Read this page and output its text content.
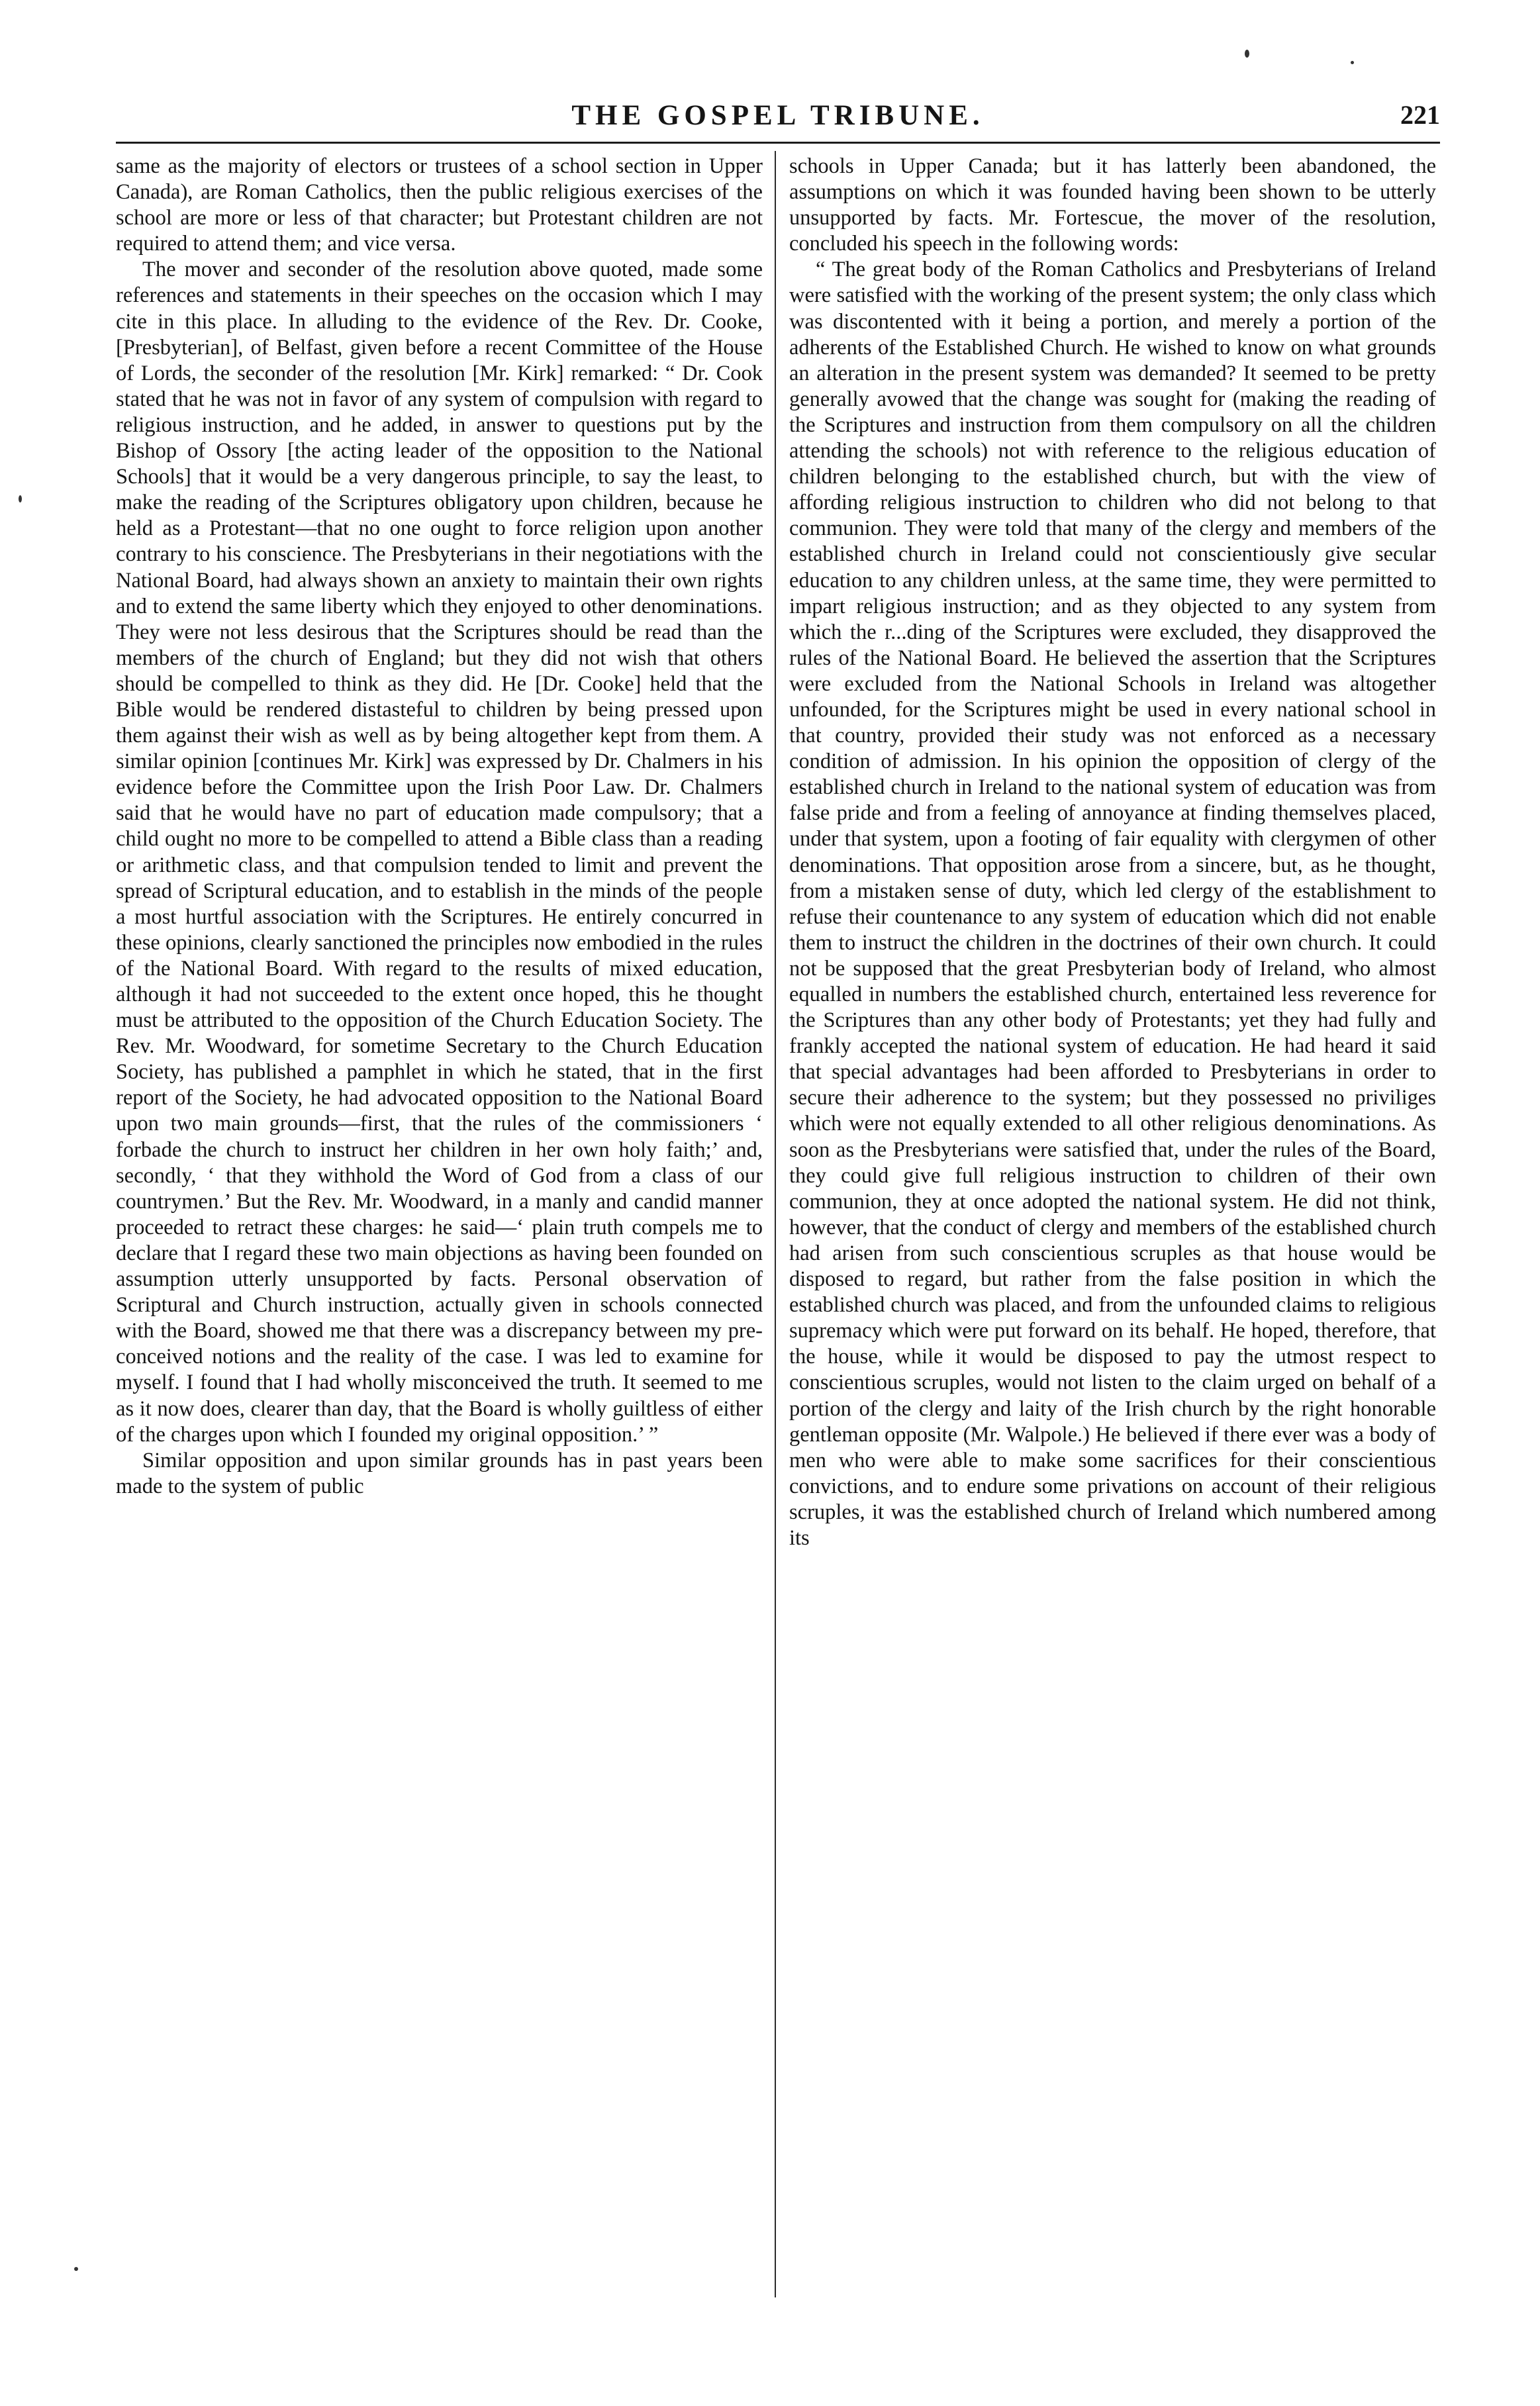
THE GOSPEL TRIBUNE.	221

same as the majority of electors or trustees of a school section in Upper Canada), are Roman Catholics, then the public religious exercises of the school are more or less of that character; but Protestant children are not required to attend them; and vice versa.

The mover and seconder of the resolution above quoted, made some references and statements in their speeches on the occasion which I may cite in this place. In alluding to the evidence of the Rev. Dr. Cooke, [Presbyterian], of Belfast, given before a recent Committee of the House of Lords, the seconder of the resolution [Mr. Kirk] remarked: “ Dr. Cook stated that he was not in favor of any system of compulsion with regard to religious instruction, and he added, in answer to questions put by the Bishop of Ossory [the acting leader of the opposition to the National Schools] that it would be a very dangerous principle, to say the least, to make the reading of the Scriptures obligatory upon children, because he held as a Protestant—that no one ought to force religion upon another contrary to his conscience. The Presbyterians in their negotiations with the National Board, had always shown an anxiety to maintain their own rights and to extend the same liberty which they enjoyed to other denominations. They were not less desirous that the Scriptures should be read than the members of the church of England; but they did not wish that others should be compelled to think as they did. He [Dr. Cooke] held that the Bible would be rendered distasteful to children by being pressed upon them against their wish as well as by being altogether kept from them. A similar opinion [continues Mr. Kirk] was expressed by Dr. Chalmers in his evidence before the Committee upon the Irish Poor Law. Dr. Chalmers said that he would have no part of education made compulsory; that a child ought no more to be compelled to attend a Bible class than a reading or arithmetic class, and that compulsion tended to limit and prevent the spread of Scriptural education, and to establish in the minds of the people a most hurtful association with the Scriptures. He entirely concurred in these opinions, clearly sanctioned the principles now embodied in the rules of the National Board. With regard to the results of mixed education, although it had not succeeded to the extent once hoped, this he thought must be attributed to the opposition of the Church Education Society. The Rev. Mr. Woodward, for sometime Secretary to the Church Education Society, has published a pamphlet in which he stated, that in the first report of the Society, he had advocated opposition to the National Board upon two main grounds—first, that the rules of the commissioners ‘ forbade the church to instruct her children in her own holy faith;’ and, secondly, ‘ that they withhold the Word of God from a class of our countrymen.’ But the Rev. Mr. Woodward, in a manly and candid manner proceeded to retract these charges: he said—‘ plain truth compels me to declare that I regard these two main objections as having been founded on assumption utterly unsupported by facts. Personal observation of Scriptural and Church instruction, actually given in schools connected with the Board, showed me that there was a discrepancy between my pre-conceived notions and the reality of the case. I was led to examine for myself. I found that I had wholly misconceived the truth. It seemed to me as it now does, clearer than day, that the Board is wholly guiltless of either of the charges upon which I founded my original opposition.’ ”

Similar opposition and upon similar grounds has in past years been made to the system of public

schools in Upper Canada; but it has latterly been abandoned, the assumptions on which it was founded having been shown to be utterly unsupported by facts. Mr. Fortescue, the mover of the resolution, concluded his speech in the following words:

“ The great body of the Roman Catholics and Presbyterians of Ireland were satisfied with the working of the present system; the only class which was discontented with it being a portion, and merely a portion of the adherents of the Established Church. He wished to know on what grounds an alteration in the present system was demanded? It seemed to be pretty generally avowed that the change was sought for (making the reading of the Scriptures and instruction from them compulsory on all the children attending the schools) not with reference to the religious education of children belonging to the established church, but with the view of affording religious instruction to children who did not belong to that communion. They were told that many of the clergy and members of the established church in Ireland could not conscientiously give secular education to any children unless, at the same time, they were permitted to impart religious instruction; and as they objected to any system from which the r...ding of the Scriptures were excluded, they disapproved the rules of the National Board. He believed the assertion that the Scriptures were excluded from the National Schools in Ireland was altogether unfounded, for the Scriptures might be used in every national school in that country, provided their study was not enforced as a necessary condition of admission. In his opinion the opposition of clergy of the established church in Ireland to the national system of education was from false pride and from a feeling of annoyance at finding themselves placed, under that system, upon a footing of fair equality with clergymen of other denominations. That opposition arose from a sincere, but, as he thought, from a mistaken sense of duty, which led clergy of the establishment to refuse their countenance to any system of education which did not enable them to instruct the children in the doctrines of their own church. It could not be supposed that the great Presbyterian body of Ireland, who almost equalled in numbers the established church, entertained less reverence for the Scriptures than any other body of Protestants; yet they had fully and frankly accepted the national system of education. He had heard it said that special advantages had been afforded to Presbyterians in order to secure their adherence to the system; but they possessed no priviliges which were not equally extended to all other religious denominations. As soon as the Presbyterians were satisfied that, under the rules of the Board, they could give full religious instruction to children of their own communion, they at once adopted the national system. He did not think, however, that the conduct of clergy and members of the established church had arisen from such conscientious scruples as that house would be disposed to regard, but rather from the false position in which the established church was placed, and from the unfounded claims to religious supremacy which were put forward on its behalf. He hoped, therefore, that the house, while it would be disposed to pay the utmost respect to conscientious scruples, would not listen to the claim urged on behalf of a portion of the clergy and laity of the Irish church by the right honorable gentleman opposite (Mr. Walpole.) He believed if there ever was a body of men who were able to make some sacrifices for their conscientious convictions, and to endure some privations on account of their religious scruples, it was the established church of Ireland which numbered among its
